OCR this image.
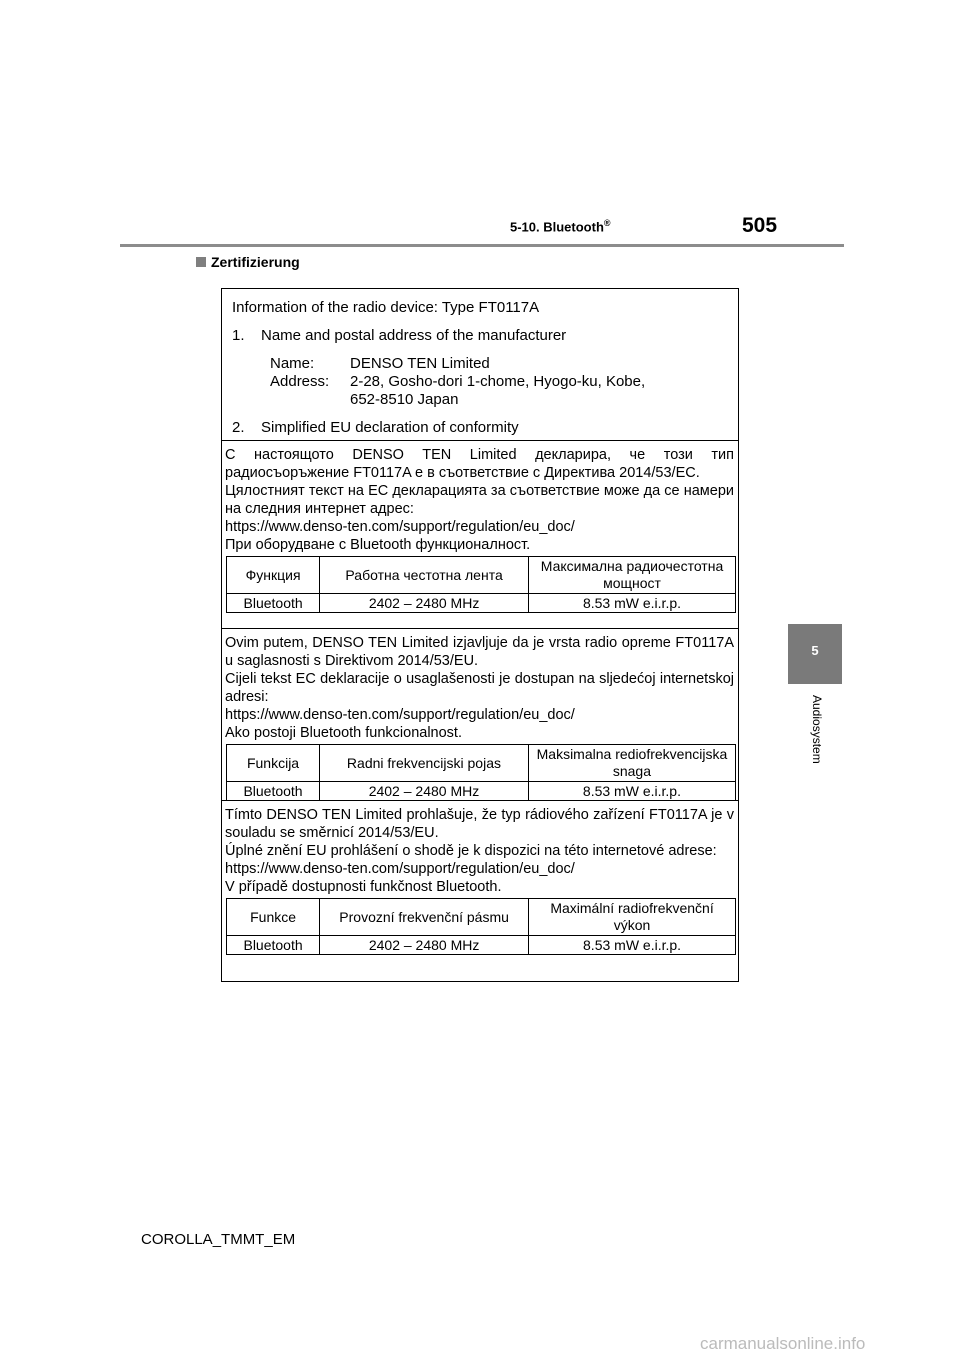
5-10. Bluetooth®	505
Zertifizierung
5
Audiosystem
Information of the radio device: Type FT0117A
1.	Name and postal address of the manufacturer
Name:	DENSO TEN Limited
Address:	2-28, Gosho-dori 1-chome, Hyogo-ku, Kobe,
652-8510 Japan
2.	Simplified EU declaration of conformity

С настоящото DENSO TEN Limited декларира, че този тип радиосъоръжение FT0117A е в съответствие с Директива 2014/53/ЕС.

Цялостният текст на ЕС декларацията за съответствие може да се намери на следния интернет адрес:

https://www.denso-ten.com/support/regulation/eu_doc/

При оборудване с Bluetooth функционалност.

Функция	Работна честотна лента	Максимална радиочестотна мощност
Bluetooth	2402 – 2480 MHz	8.53 mW e.i.r.p.

Ovim putem, DENSO TEN Limited izjavljuje da je vrsta radio opreme FT0117A u saglasnosti s Direktivom 2014/53/EU.

Cijeli tekst EC deklaracije o usaglašenosti je dostupan na sljedećoj internetskoj adresi:

https://www.denso-ten.com/support/regulation/eu_doc/

Ako postoji Bluetooth funkcionalnost.

Funkcija	Radni frekvencijski pojas	Maksimalna rediofrekvencijska snaga
Bluetooth	2402 – 2480 MHz	8.53 mW e.i.r.p.

Tímto DENSO TEN Limited prohlašuje, že typ rádiového zařízení FT0117A je v souladu se směrnicí 2014/53/EU.

Úplné znění EU prohlášení o shodě je k dispozici na této internetové adrese:

https://www.denso-ten.com/support/regulation/eu_doc/

V případě dostupnosti funkčnost Bluetooth.

Funkce	Provozní frekvenční pásmu	Maximální radiofrekvenční výkon
Bluetooth	2402 – 2480 MHz	8.53 mW e.i.r.p.
COROLLA_TMMT_EM
carmanualsonline.info
